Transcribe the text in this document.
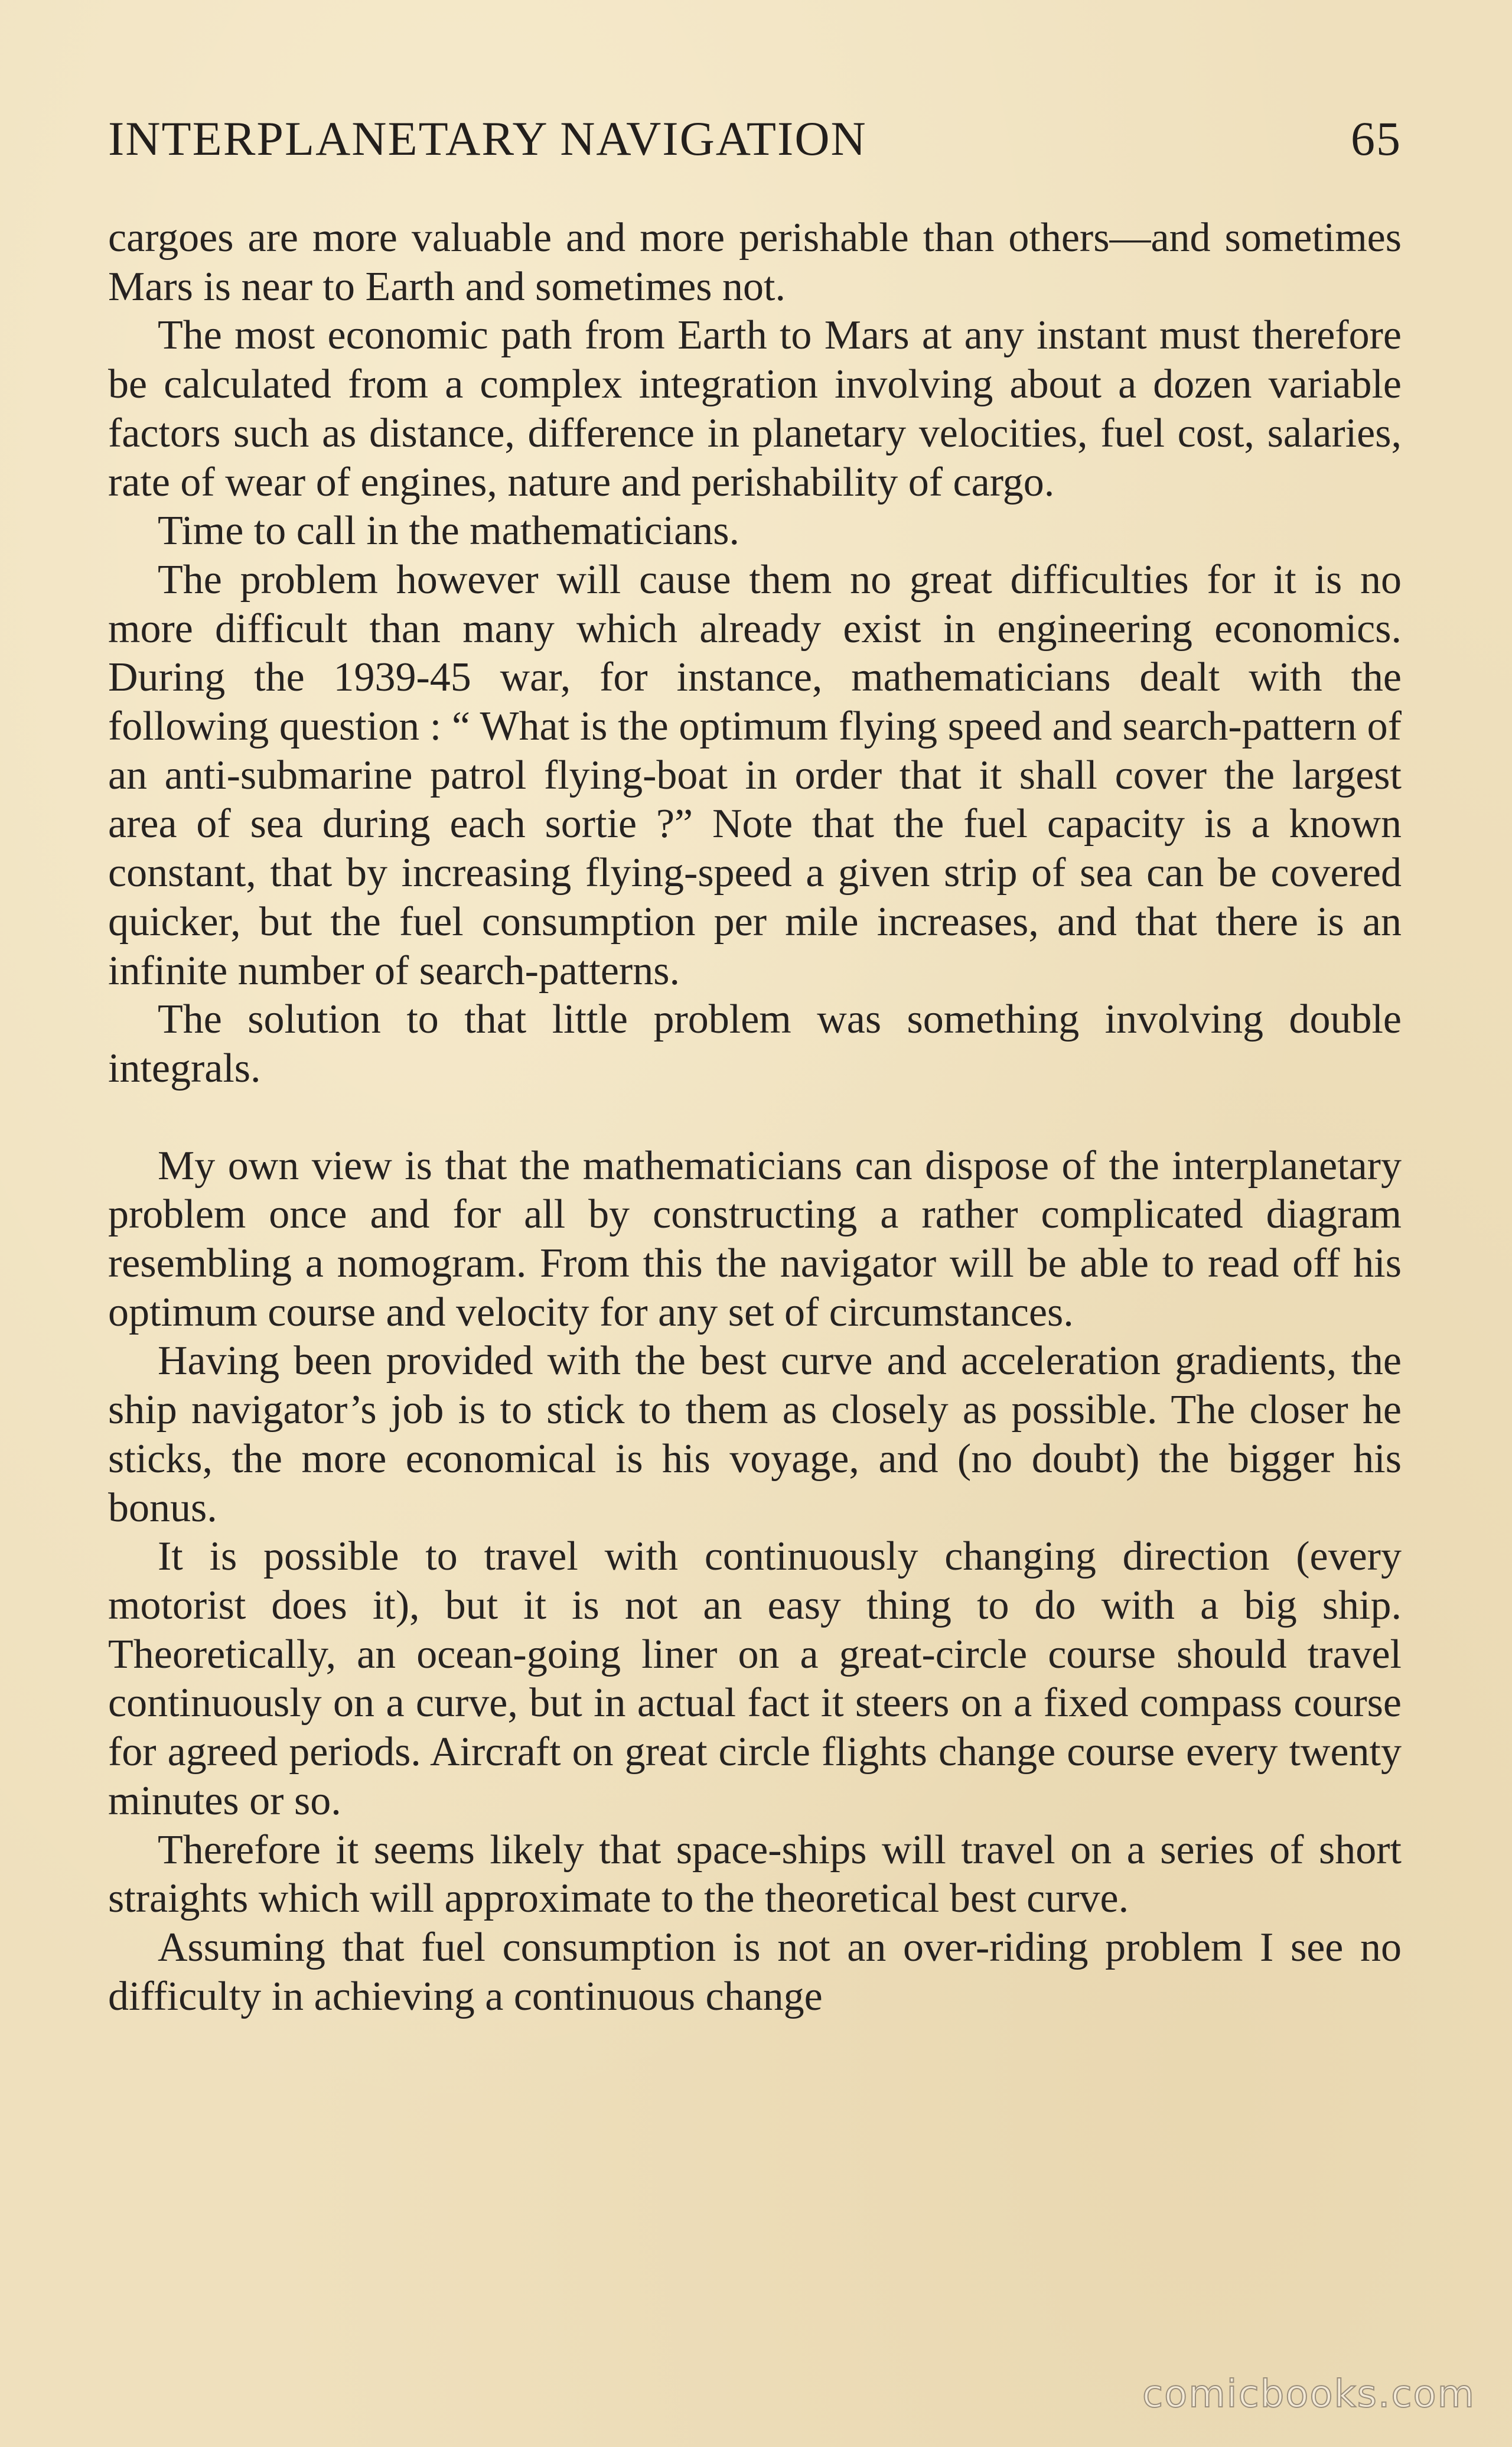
INTERPLANETARY NAVIGATION	65

cargoes are more valuable and more perishable than others—and sometimes Mars is near to Earth and sometimes not.

The most economic path from Earth to Mars at any instant must therefore be calculated from a complex integration involving about a dozen variable factors such as distance, difference in planetary velocities, fuel cost, salaries, rate of wear of engines, nature and perishability of cargo.

Time to call in the mathematicians.

The problem however will cause them no great difficulties for it is no more difficult than many which already exist in engineering economics. During the 1939-45 war, for instance, mathematicians dealt with the following question : “ What is the optimum flying speed and search-pattern of an anti-submarine patrol flying-boat in order that it shall cover the largest area of sea during each sortie ?” Note that the fuel capacity is a known constant, that by increasing flying-speed a given strip of sea can be covered quicker, but the fuel consumption per mile increases, and that there is an infinite number of search-patterns.

The solution to that little problem was something involving double integrals.

My own view is that the mathematicians can dispose of the interplanetary problem once and for all by constructing a rather complicated diagram resembling a nomogram. From this the navigator will be able to read off his optimum course and velocity for any set of circumstances.

Having been provided with the best curve and acceleration gradients, the ship navigator’s job is to stick to them as closely as possible. The closer he sticks, the more economical is his voyage, and (no doubt) the bigger his bonus.

It is possible to travel with continuously changing direction (every motorist does it), but it is not an easy thing to do with a big ship. Theoretically, an ocean-going liner on a great-circle course should travel continuously on a curve, but in actual fact it steers on a fixed compass course for agreed periods. Aircraft on great circle flights change course every twenty minutes or so.

Therefore it seems likely that space-ships will travel on a series of short straights which will approximate to the theoretical best curve.

Assuming that fuel consumption is not an over-riding problem I see no difficulty in achieving a continuous change

comicbooks.com
